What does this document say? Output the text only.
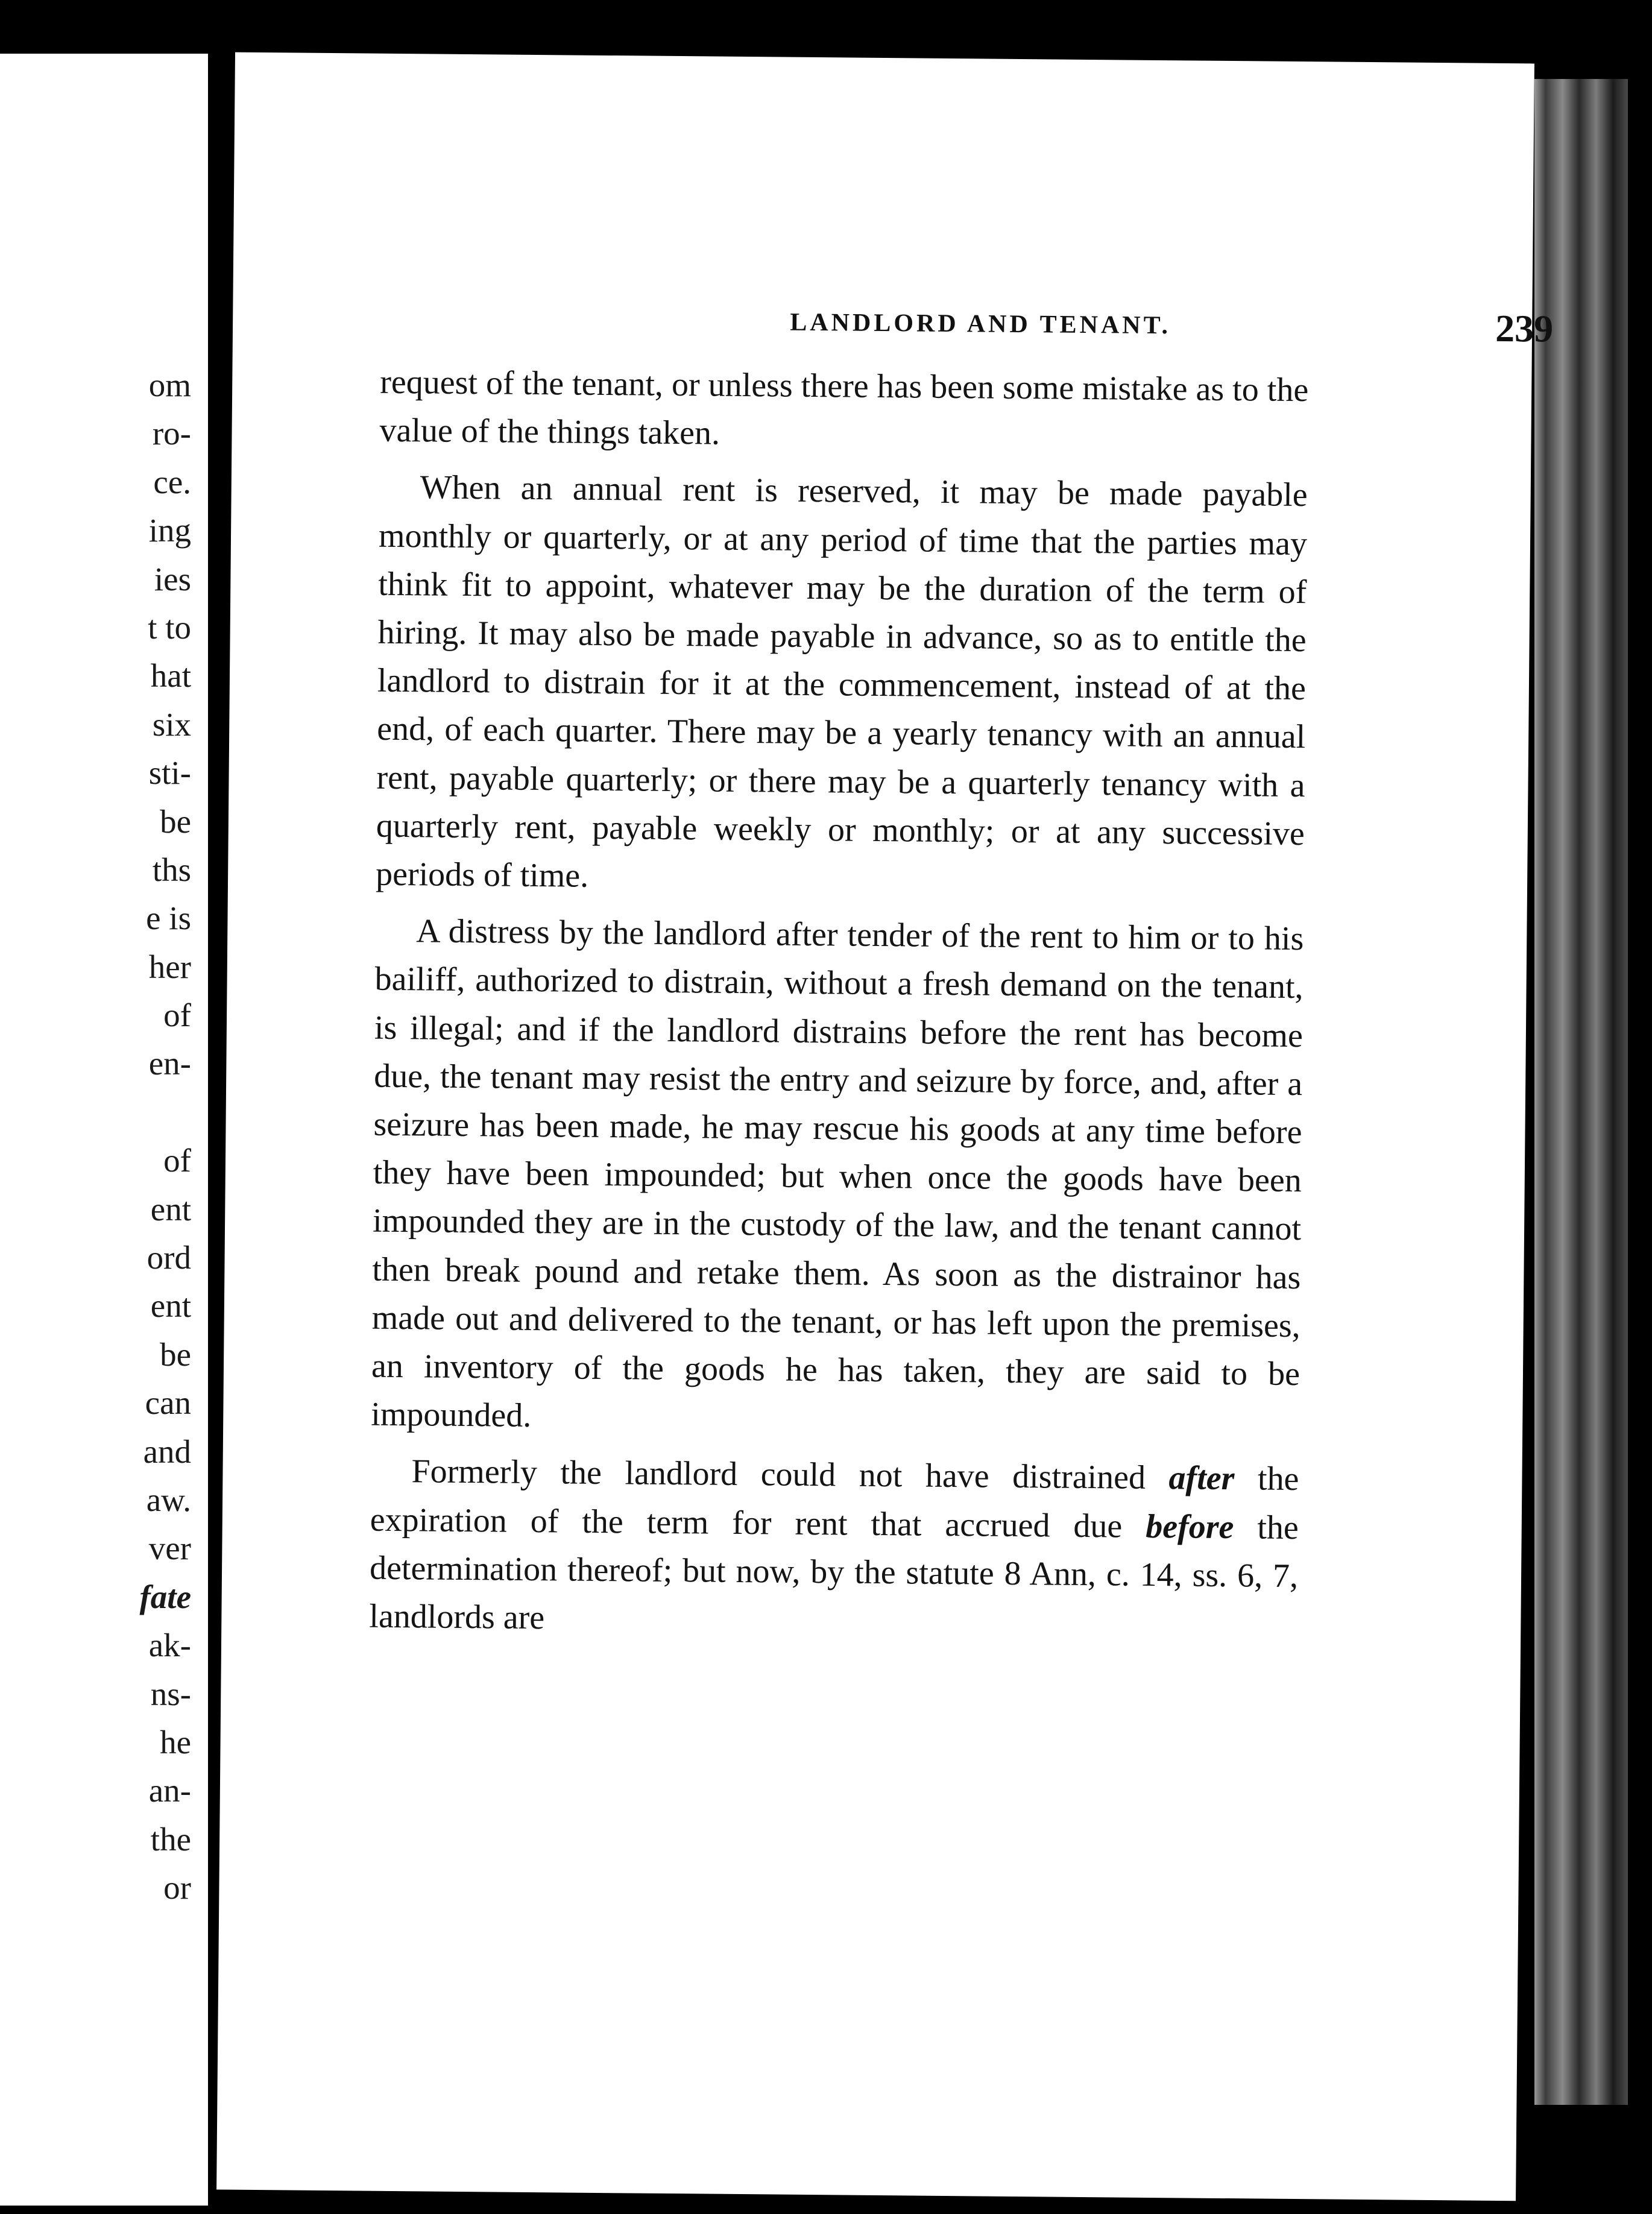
om
ro-
ce.
ing
ies
t to
hat
six
sti-
be
ths
e is
her
of
en-
of
ent
ord
ent
be
can
and
aw.
ver
fate
ak-
ns-
he
an-
the
or
LANDLORD AND TENANT.	239

request of the tenant, or unless there has been some mistake as to the value of the things taken.

When an annual rent is reserved, it may be made payable monthly or quarterly, or at any period of time that the parties may think fit to appoint, whatever may be the duration of the term of hiring. It may also be made payable in advance, so as to entitle the landlord to distrain for it at the commencement, instead of at the end, of each quarter. There may be a yearly tenancy with an annual rent, payable quarterly; or there may be a quarterly tenancy with a quarterly rent, payable weekly or monthly; or at any successive periods of time.

A distress by the landlord after tender of the rent to him or to his bailiff, authorized to distrain, without a fresh demand on the tenant, is illegal; and if the landlord distrains before the rent has become due, the tenant may resist the entry and seizure by force, and, after a seizure has been made, he may rescue his goods at any time before they have been impounded; but when once the goods have been impounded they are in the custody of the law, and the tenant cannot then break pound and retake them. As soon as the distrainor has made out and delivered to the tenant, or has left upon the premises, an inventory of the goods he has taken, they are said to be impounded.

Formerly the landlord could not have distrained after the expiration of the term for rent that accrued due before the determination thereof; but now, by the statute 8 Ann, c. 14, ss. 6, 7, landlords are
